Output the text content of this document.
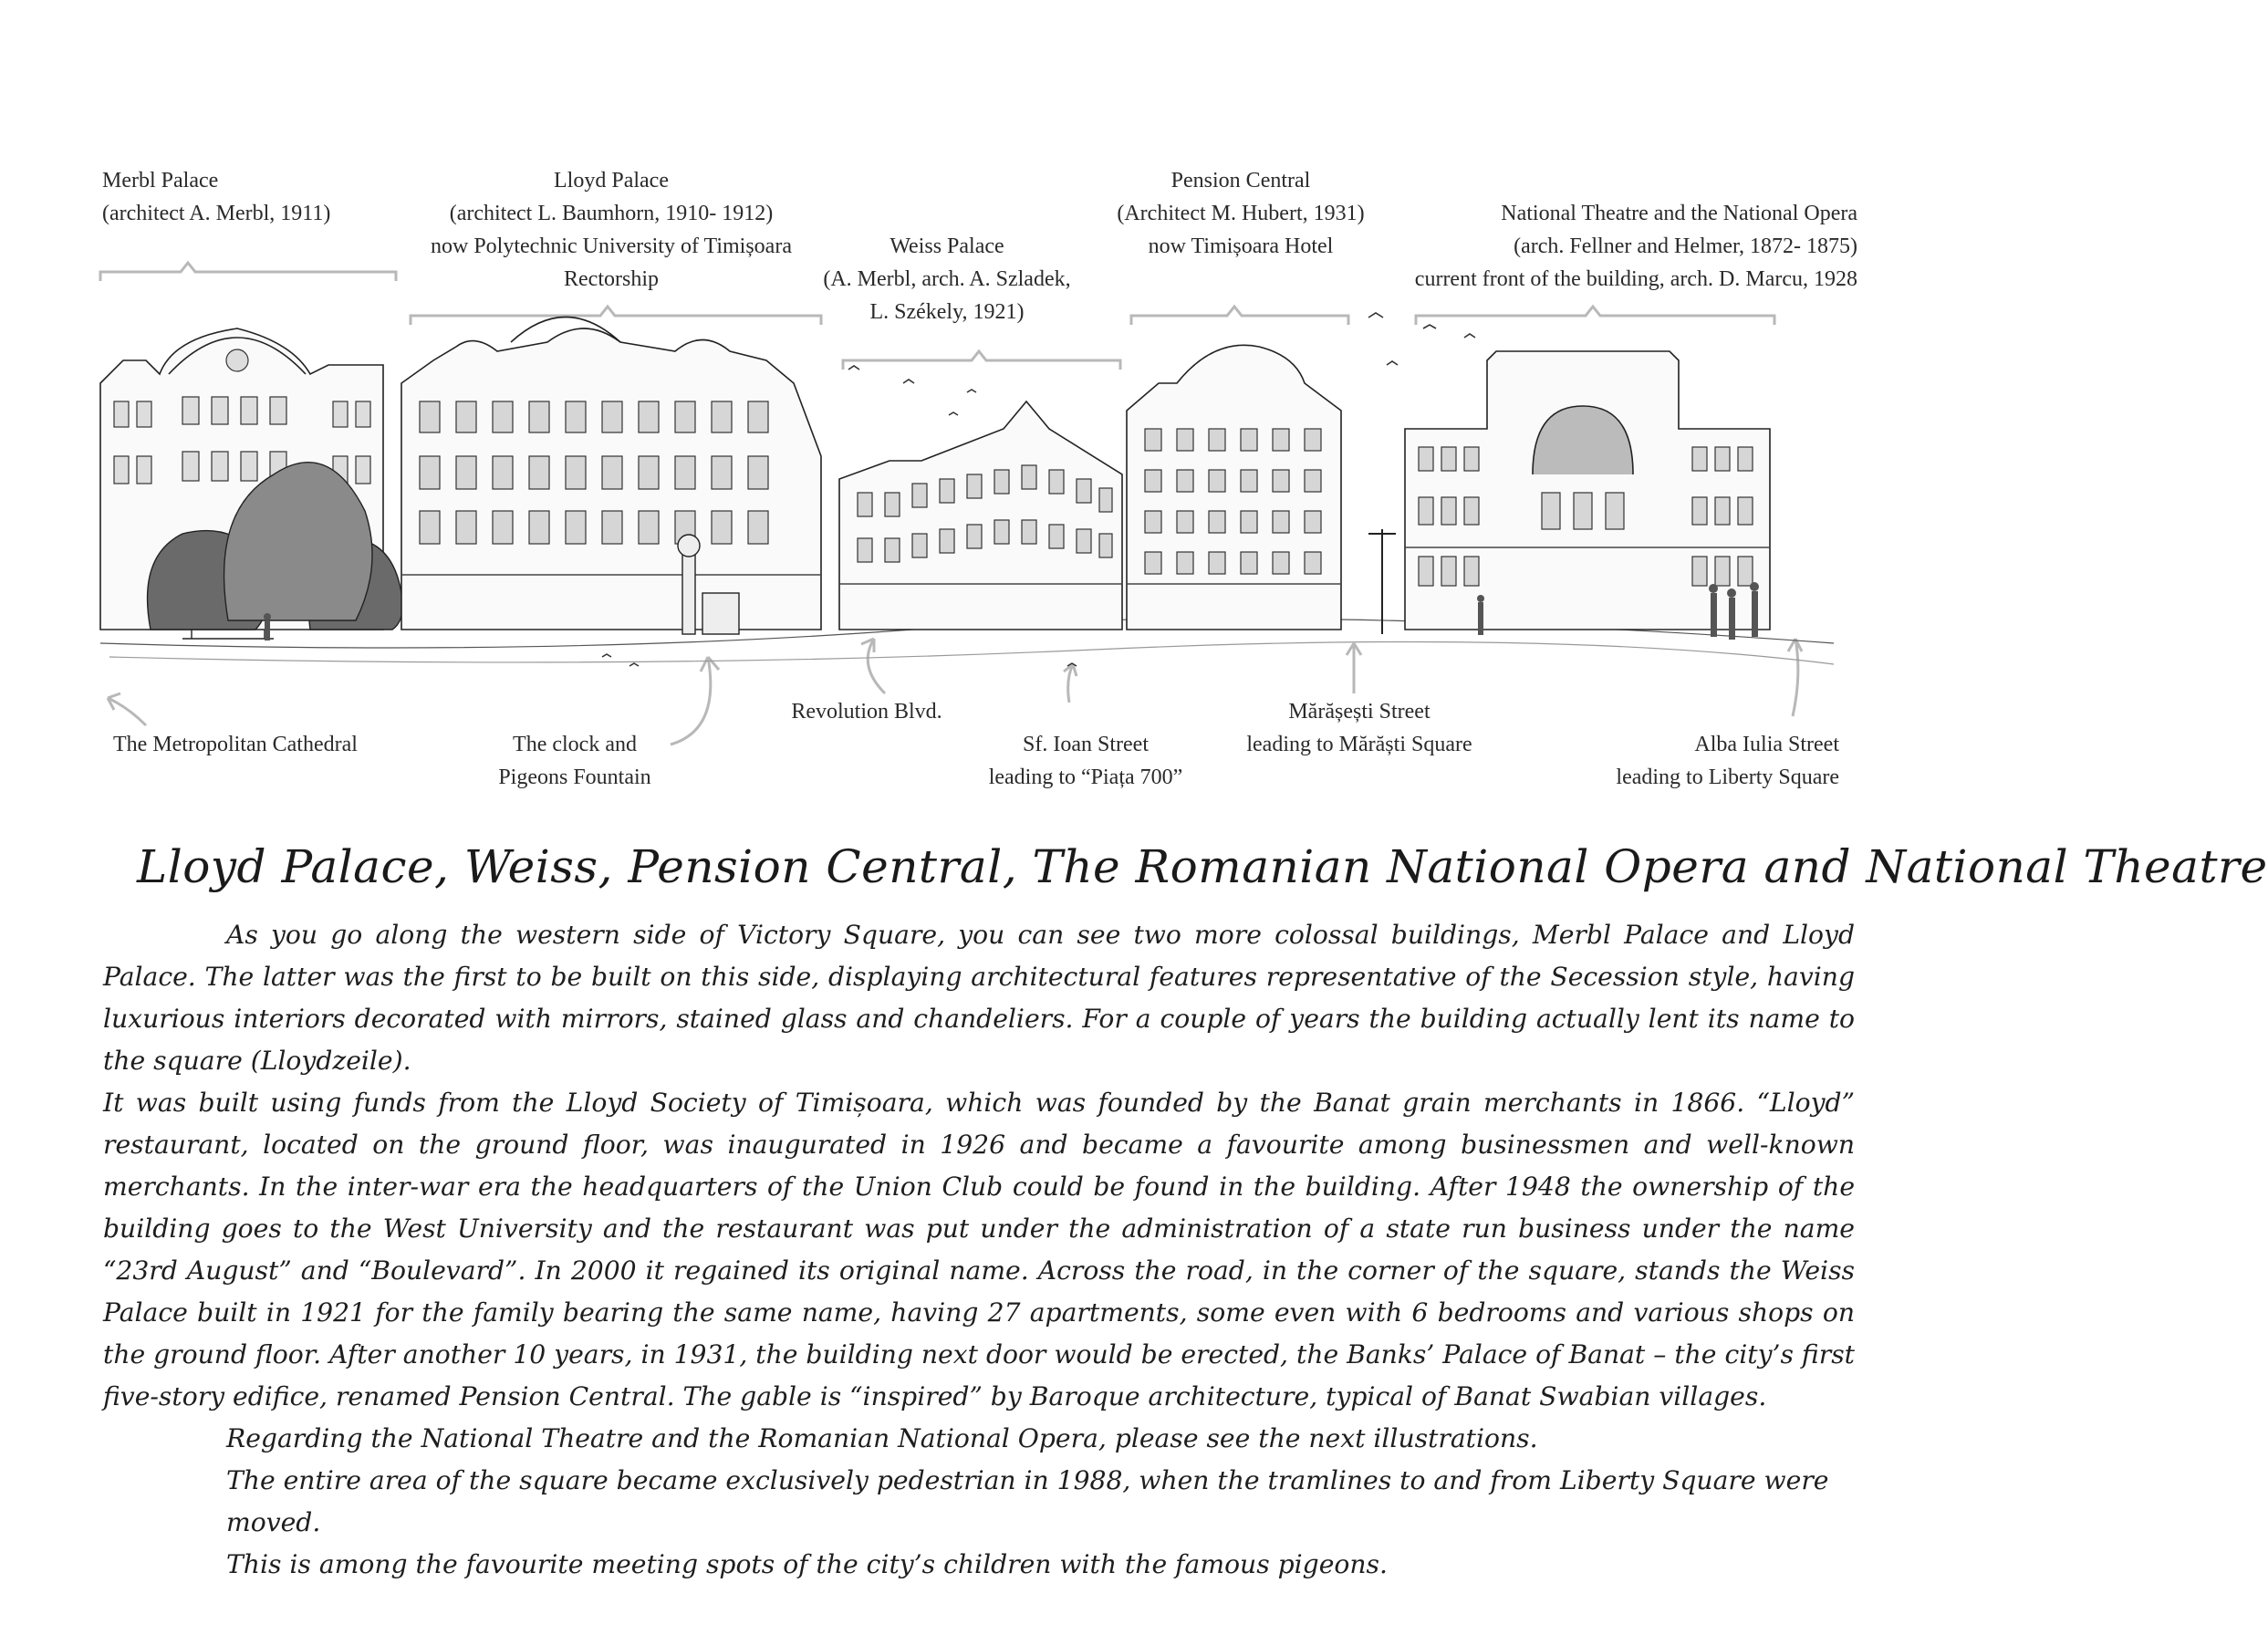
Merbl Palace
(architect A. Merbl, 1911)
Lloyd Palace
(architect L. Baumhorn, 1910- 1912)
now Polytechnic University of Timișoara
Rectorship
Weiss Palace
(A. Merbl, arch. A. Szladek,
L. Székely, 1921)
Pension Central
(Architect M. Hubert, 1931)
now Timișoara Hotel
National Theatre and the National Opera
(arch. Fellner and Helmer, 1872- 1875)
current front of the building, arch. D. Marcu, 1928
The Metropolitan Cathedral	The clock and
Pigeons Fountain
Revolution Blvd.
Sf. Ioan Street
leading to “Piața 700”
Mărășești Street
leading to Mărăști Square	Alba Iulia Street
leading to Liberty Square
Lloyd Palace, Weiss, Pension Central, The Romanian National Opera and National Theatre

As you go along the western side of Victory Square, you can see two more colossal buildings, Merbl Palace and Lloyd Palace. The latter was the first to be built on this side, displaying architectural features representative of the Secession style, having luxurious interiors decorated with mirrors, stained glass and chandeliers. For a couple of years the building actually lent its name to the square (Lloydzeile).

It was built using funds from the Lloyd Society of Timișoara, which was founded by the Banat grain merchants in 1866. “Lloyd” restaurant, located on the ground floor, was inaugurated in 1926 and became a favourite among businessmen and well-known merchants. In the inter-war era the headquarters of the Union Club could be found in the building. After 1948 the ownership of the building goes to the West University and the restaurant was put under the administration of a state run business under the name “23rd August” and “Boulevard”. In 2000 it regained its original name. Across the road, in the corner of the square, stands the Weiss Palace built in 1921 for the family bearing the same name, having 27 apartments, some even with 6 bedrooms and various shops on the ground floor. After another 10 years, in 1931, the building next door would be erected, the Banks’ Palace of Banat – the city’s first five-story edifice, renamed Pension Central. The gable is “inspired” by Baroque architecture, typical of Banat Swabian villages.

Regarding the National Theatre and the Romanian National Opera, please see the next illustrations.

The entire area of the square became exclusively pedestrian in 1988, when the tramlines to and from Liberty Square were moved.

This is among the favourite meeting spots of the city’s children with the famous pigeons.
